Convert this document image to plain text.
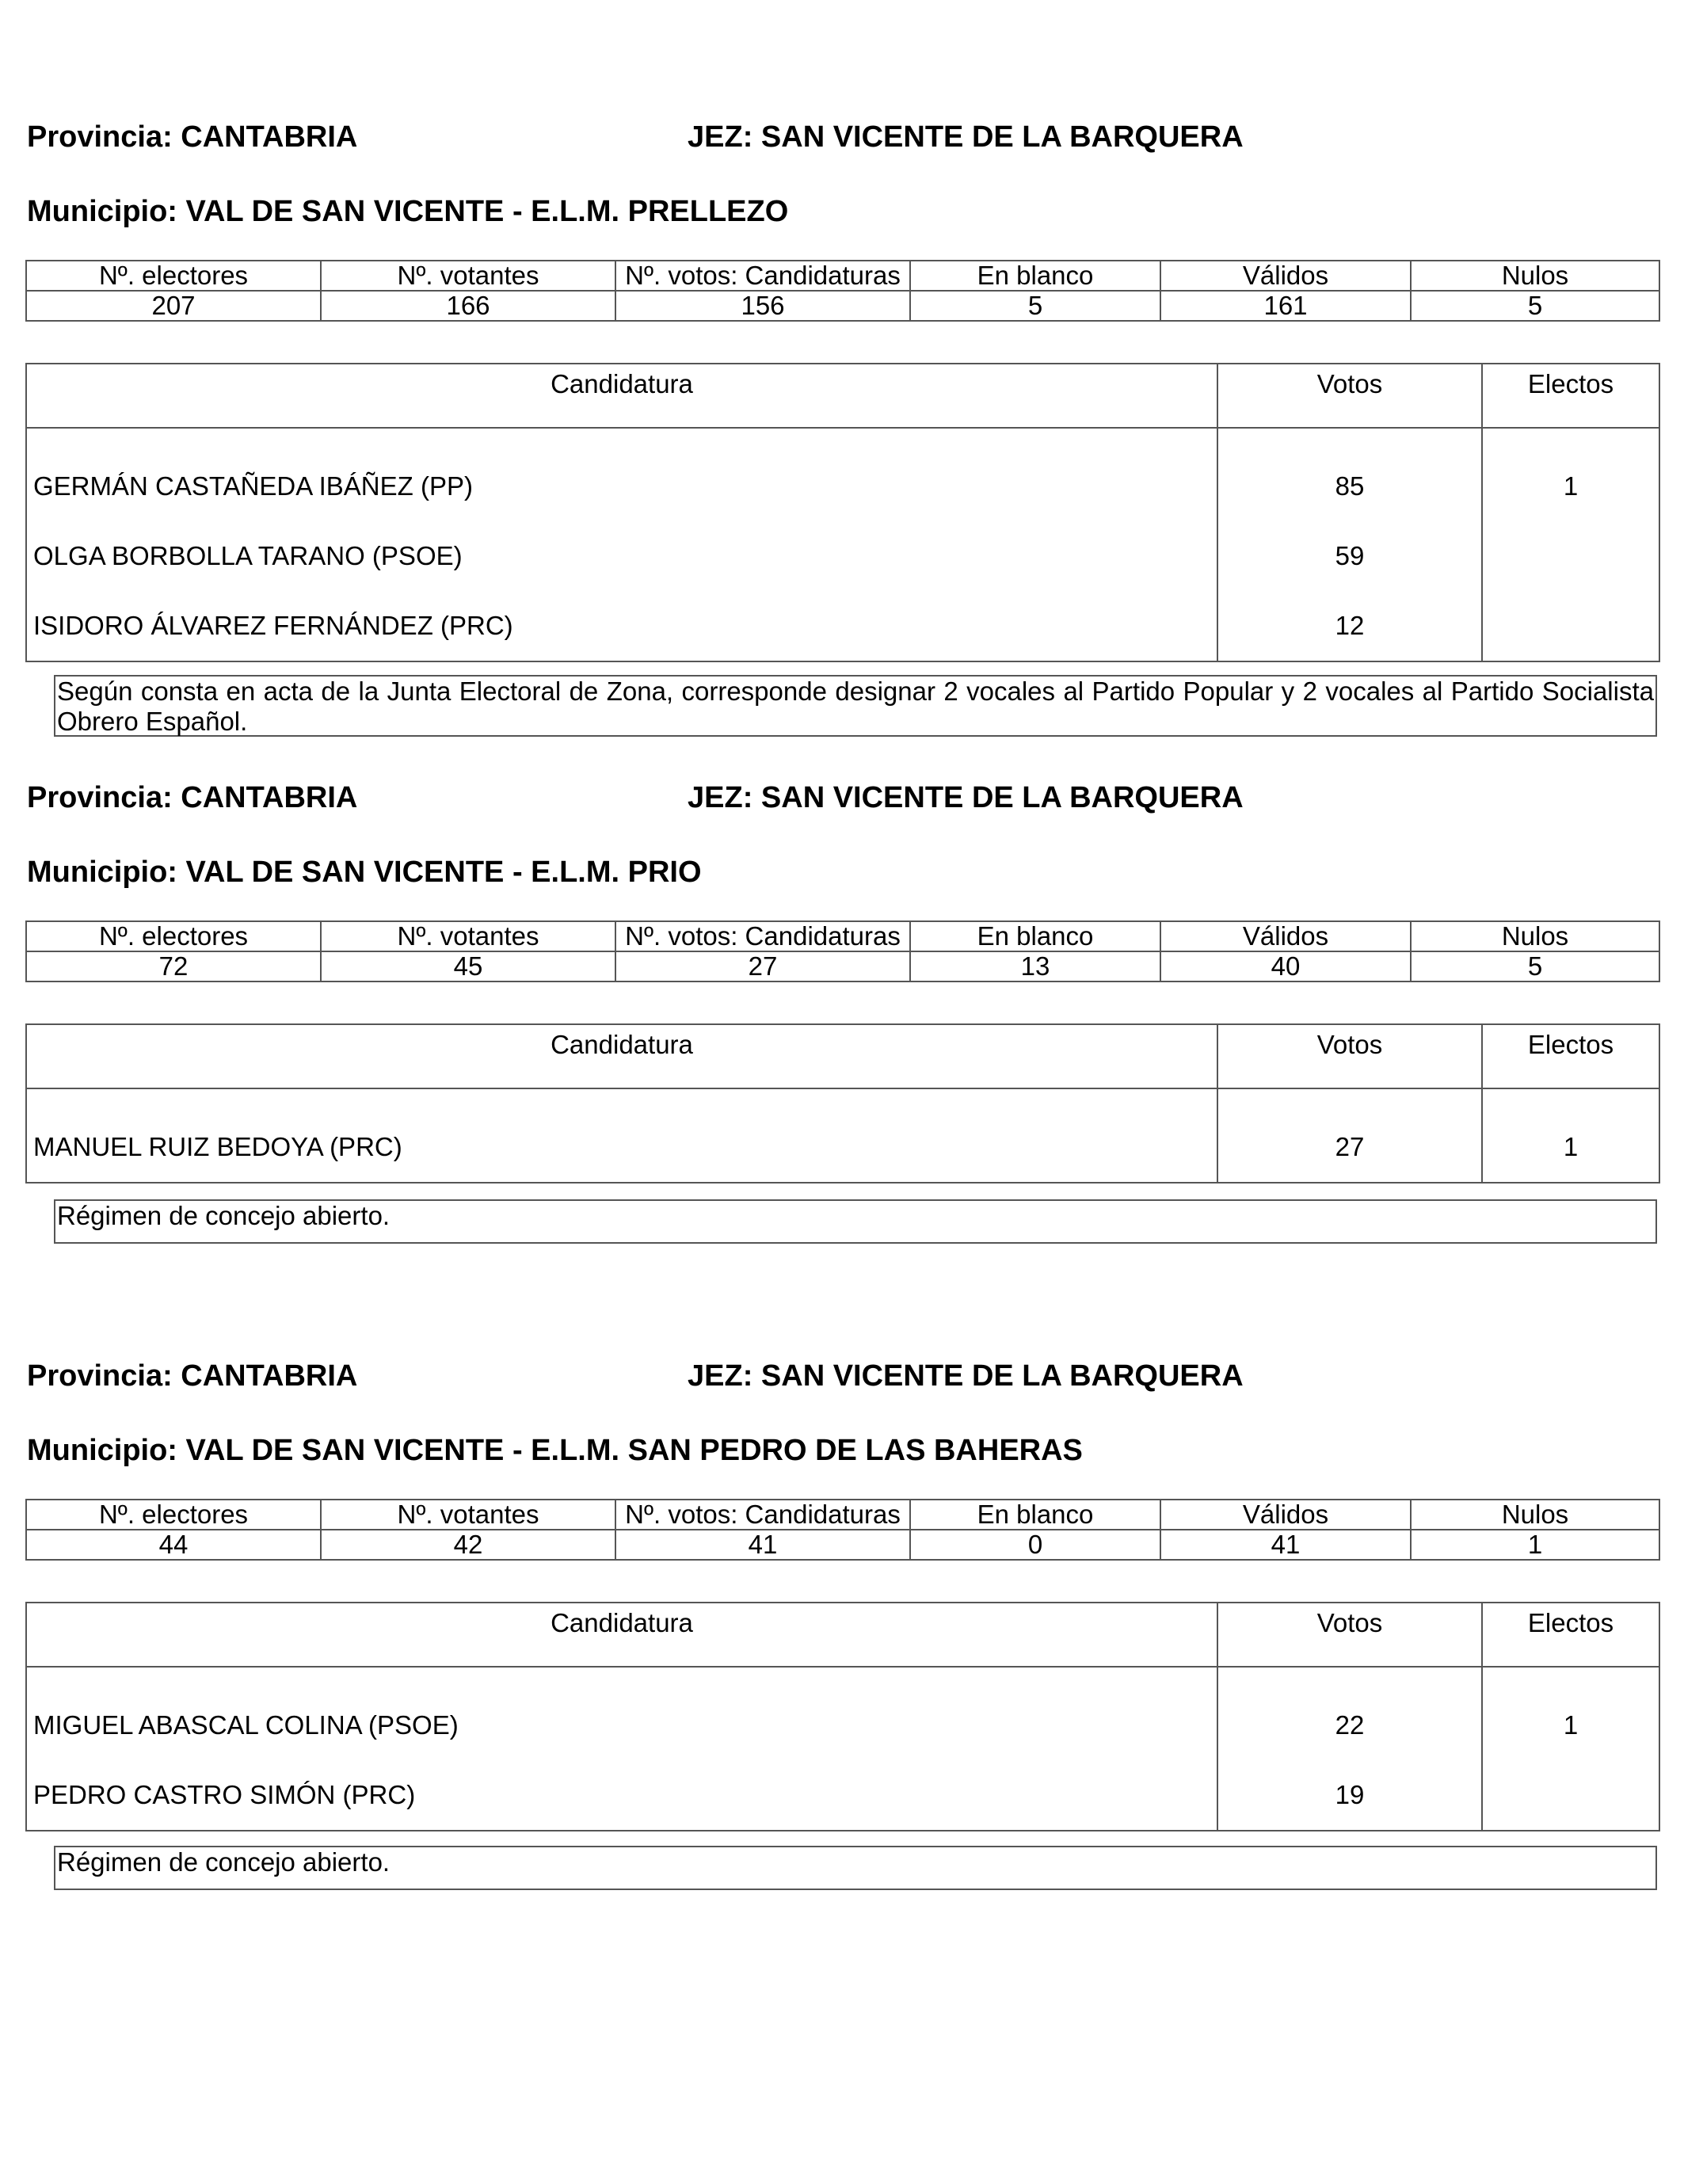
Provincia: CANTABRIA	JEZ: SAN VICENTE DE LA BARQUERA
Municipio: VAL DE SAN VICENTE - E.L.M. PRELLEZO
Nº. electores	Nº. votantes	Nº. votos: Candidaturas	En blanco	Válidos	Nulos
207	166	156	5	161	5
Candidatura	Votos	Electos
GERMÁN CASTAÑEDA IBÁÑEZ (PP)	85	1
OLGA BORBOLLA TARANO (PSOE)	59	
ISIDORO ÁLVAREZ FERNÁNDEZ (PRC)	12	
Según consta en acta de la Junta Electoral de Zona, corresponde designar 2 vocales al Partido Popular y 2 vocales al Partido Socialista Obrero Español.
Provincia: CANTABRIA	JEZ: SAN VICENTE DE LA BARQUERA
Municipio: VAL DE SAN VICENTE - E.L.M. PRIO
Nº. electores	Nº. votantes	Nº. votos: Candidaturas	En blanco	Válidos	Nulos
72	45	27	13	40	5
Candidatura	Votos	Electos
MANUEL RUIZ BEDOYA (PRC)	27	1
Régimen de concejo abierto.
Provincia: CANTABRIA	JEZ: SAN VICENTE DE LA BARQUERA
Municipio: VAL DE SAN VICENTE - E.L.M. SAN PEDRO DE LAS BAHERAS
Nº. electores	Nº. votantes	Nº. votos: Candidaturas	En blanco	Válidos	Nulos
44	42	41	0	41	1
Candidatura	Votos	Electos
MIGUEL ABASCAL COLINA (PSOE)	22	1
PEDRO CASTRO SIMÓN (PRC)	19	
Régimen de concejo abierto.
